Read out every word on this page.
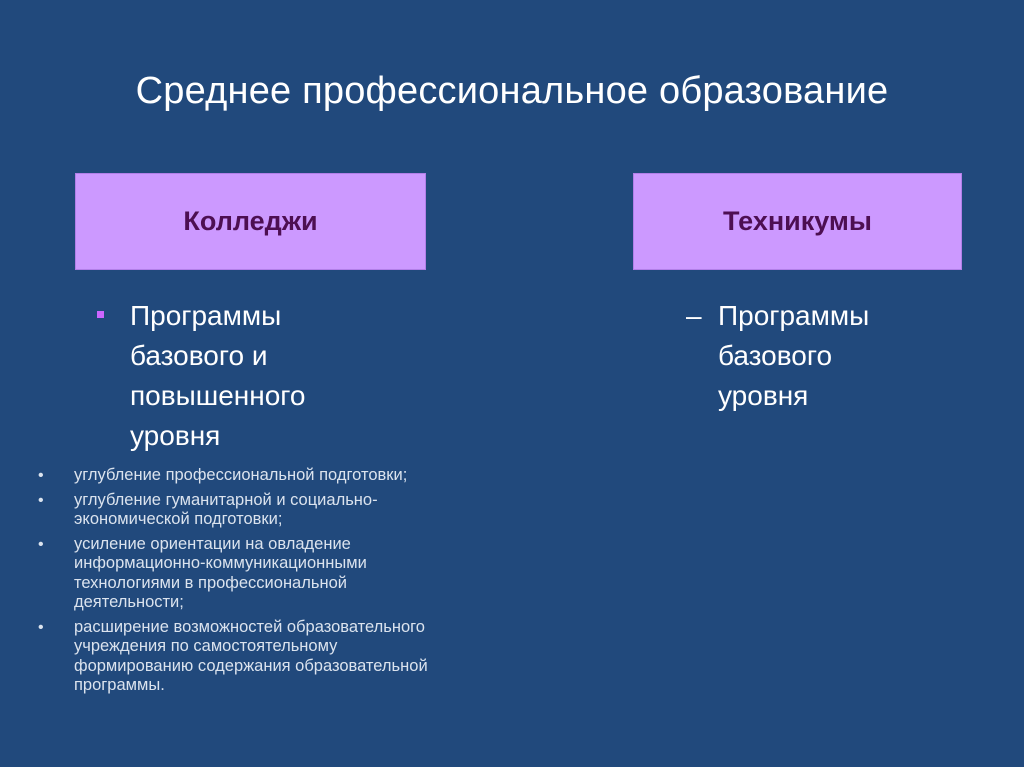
Среднее профессиональное образование
Колледжи	Техникумы
Программы
базового и
повышенного
уровня
– Программы
базового
уровня
• углубление профессиональной подготовки;
• углубление гуманитарной и социально-
экономической подготовки;
• усиление ориентации на овладение
информационно-коммуникационными
технологиями в профессиональной
деятельности;
• расширение возможностей образовательного
учреждения по самостоятельному
формированию содержания образовательной
программы.
